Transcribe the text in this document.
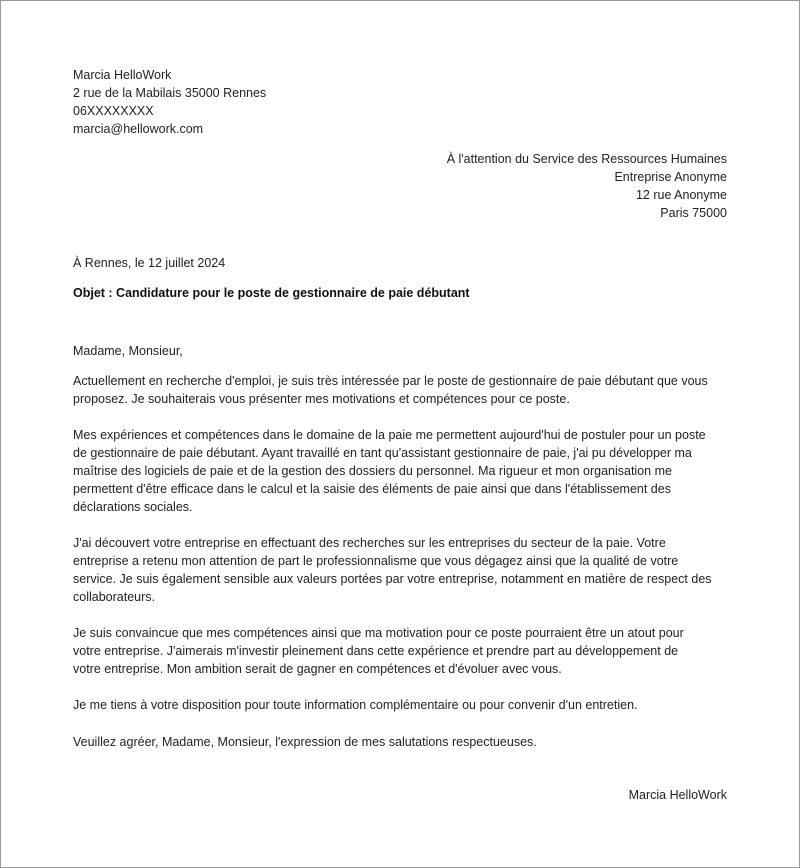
Marcia HelloWork
2 rue de la Mabilais 35000 Rennes
06XXXXXXXX
marcia@hellowork.com
À l'attention du Service des Ressources Humaines
Entreprise Anonyme
12 rue Anonyme
Paris 75000
À Rennes, le 12 juillet 2024
Objet : Candidature pour le poste de gestionnaire de paie débutant
Madame, Monsieur,
Actuellement en recherche d'emploi, je suis très intéressée par le poste de gestionnaire de paie débutant que vous
proposez. Je souhaiterais vous présenter mes motivations et compétences pour ce poste.
Mes expériences et compétences dans le domaine de la paie me permettent aujourd'hui de postuler pour un poste
de gestionnaire de paie débutant. Ayant travaillé en tant qu'assistant gestionnaire de paie, j'ai pu développer ma
maîtrise des logiciels de paie et de la gestion des dossiers du personnel. Ma rigueur et mon organisation me
permettent d'être efficace dans le calcul et la saisie des éléments de paie ainsi que dans l'établissement des
déclarations sociales.
J'ai découvert votre entreprise en effectuant des recherches sur les entreprises du secteur de la paie. Votre
entreprise a retenu mon attention de part le professionnalisme que vous dégagez ainsi que la qualité de votre
service. Je suis également sensible aux valeurs portées par votre entreprise, notamment en matière de respect des
collaborateurs.
Je suis convaincue que mes compétences ainsi que ma motivation pour ce poste pourraient être un atout pour
votre entreprise. J'aimerais m'investir pleinement dans cette expérience et prendre part au développement de
votre entreprise. Mon ambition serait de gagner en compétences et d'évoluer avec vous.
Je me tiens à votre disposition pour toute information complémentaire ou pour convenir d'un entretien.
Veuillez agréer, Madame, Monsieur, l'expression de mes salutations respectueuses.
Marcia HelloWork
